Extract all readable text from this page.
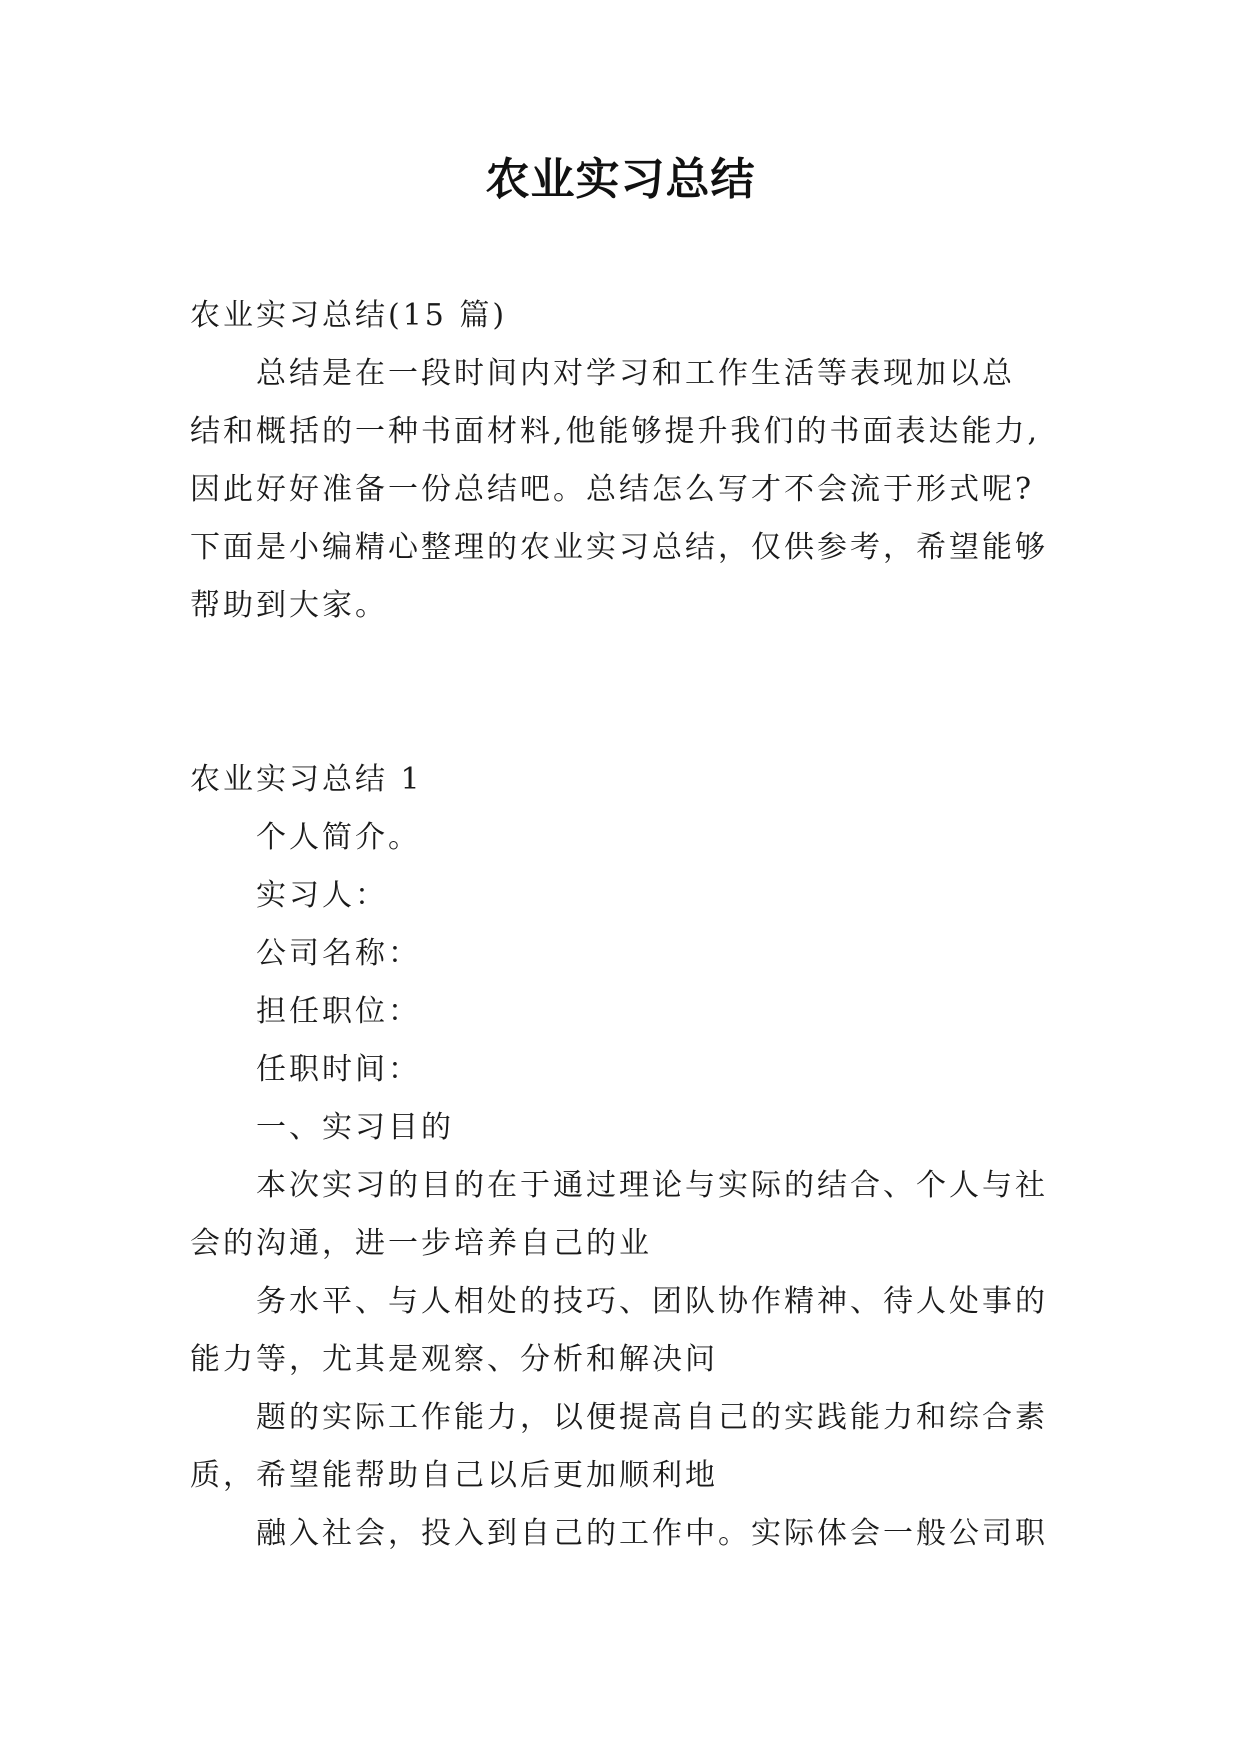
农业实习总结
农业实习总结(15 篇)
总结是在一段时间内对学习和工作生活等表现加以总
结和概括的一种书面材料,他能够提升我们的书面表达能力,
因此好好准备一份总结吧。总结怎么写才不会流于形式呢?
下面是小编精心整理的农业实习总结，仅供参考，希望能够
帮助到大家。
农业实习总结 1
个人简介。
实习人：
公司名称：
担任职位：
任职时间：
一、实习目的
本次实习的目的在于通过理论与实际的结合、个人与社
会的沟通，进一步培养自己的业
务水平、与人相处的技巧、团队协作精神、待人处事的
能力等，尤其是观察、分析和解决问
题的实际工作能力，以便提高自己的实践能力和综合素
质，希望能帮助自己以后更加顺利地
融入社会，投入到自己的工作中。实际体会一般公司职
